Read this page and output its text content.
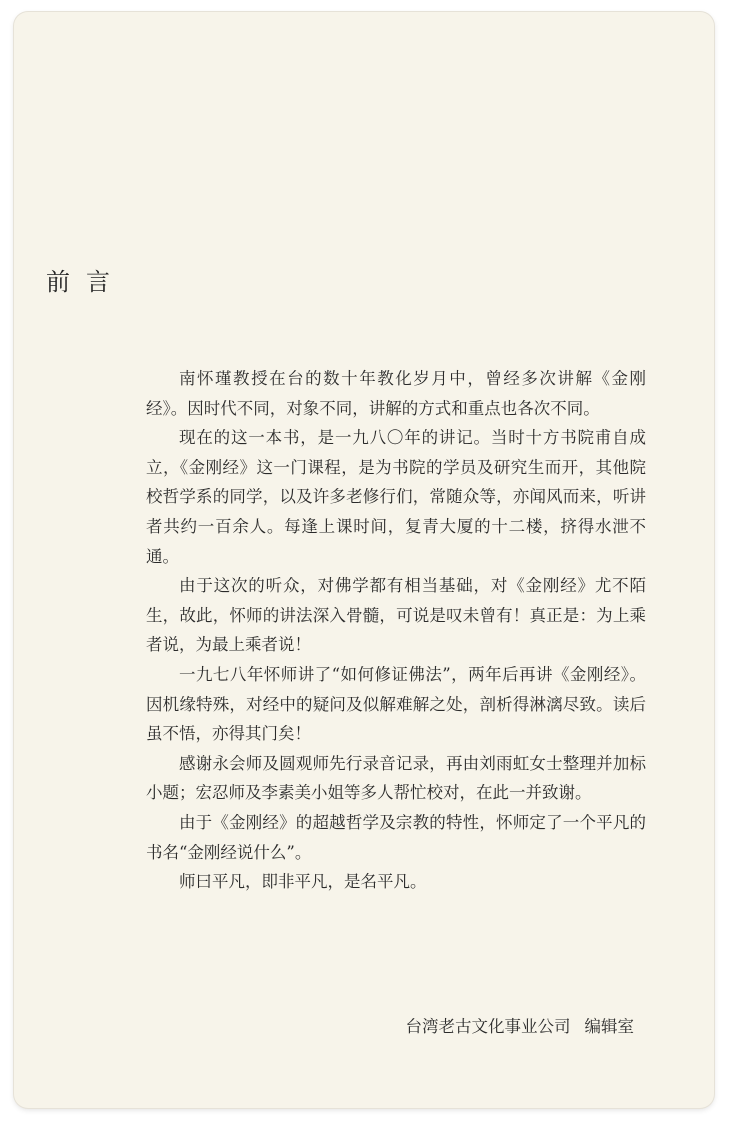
前言

南怀瑾教授在台的数十年教化岁月中，曾经多次讲解《金刚经》。因时代不同，对象不同，讲解的方式和重点也各次不同。

现在的这一本书，是一九八〇年的讲记。当时十方书院甫自成立，《金刚经》这一门课程，是为书院的学员及研究生而开，其他院校哲学系的同学，以及许多老修行们，常随众等，亦闻风而来，听讲者共约一百余人。每逢上课时间，复青大厦的十二楼，挤得水泄不通。

由于这次的听众，对佛学都有相当基础，对《金刚经》尤不陌生，故此，怀师的讲法深入骨髓，可说是叹未曾有！真正是：为上乘者说，为最上乘者说！

一九七八年怀师讲了“如何修证佛法”，两年后再讲《金刚经》。因机缘特殊，对经中的疑问及似解难解之处，剖析得淋漓尽致。读后虽不悟，亦得其门矣！

感谢永会师及圆观师先行录音记录，再由刘雨虹女士整理并加标小题；宏忍师及李素美小姐等多人帮忙校对，在此一并致谢。

由于《金刚经》的超越哲学及宗教的特性，怀师定了一个平凡的书名“金刚经说什么”。

师曰平凡，即非平凡，是名平凡。

台湾老古文化事业公司 编辑室
